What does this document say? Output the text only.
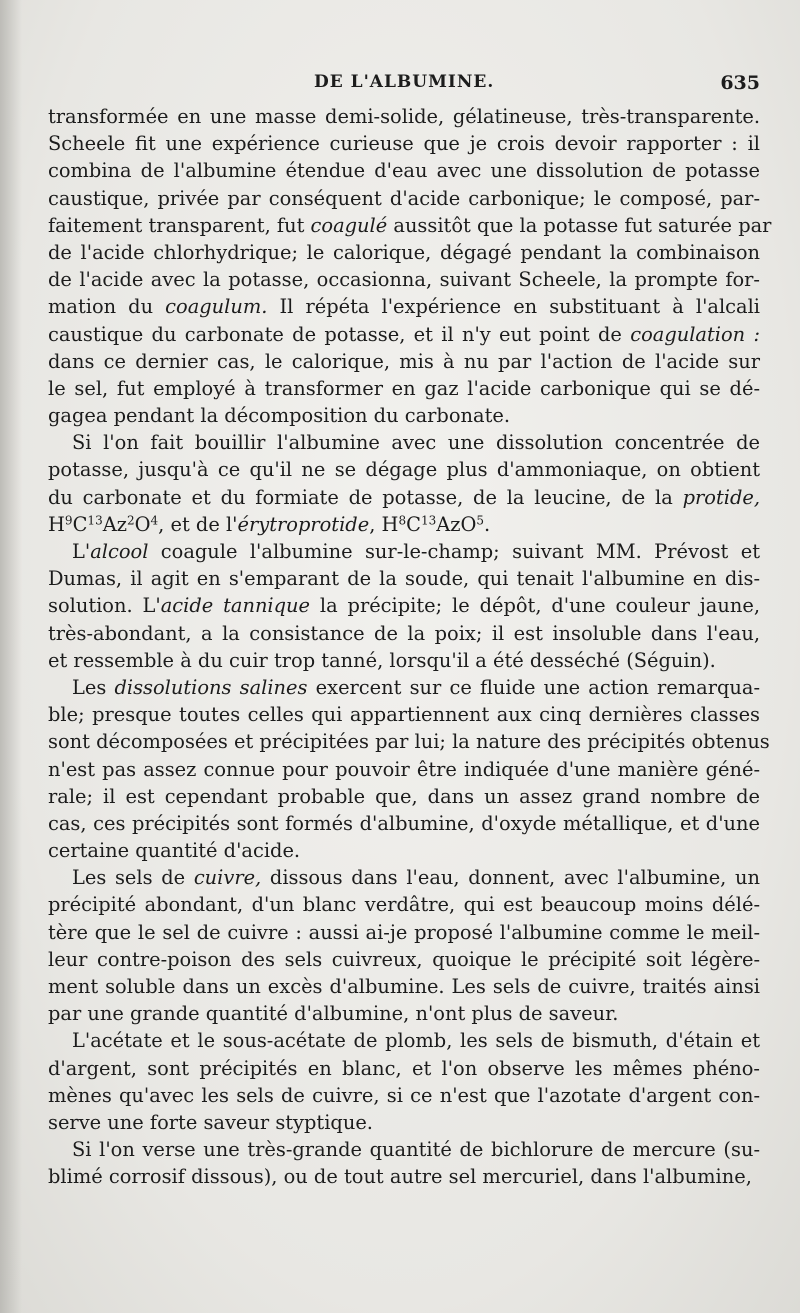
DE L'ALBUMINE.	635

transformée en une masse demi-solide, gélatineuse, très-transparente.
Scheele fit une expérience curieuse que je crois devoir rapporter : il
combina de l'albumine étendue d'eau avec une dissolution de potasse
caustique, privée par conséquent d'acide carbonique; le composé, par-
faitement transparent, fut coagulé aussitôt que la potasse fut saturée par
de l'acide chlorhydrique; le calorique, dégagé pendant la combinaison
de l'acide avec la potasse, occasionna, suivant Scheele, la prompte for-
mation du coagulum. Il répéta l'expérience en substituant à l'alcali
caustique du carbonate de potasse, et il n'y eut point de coagulation :
dans ce dernier cas, le calorique, mis à nu par l'action de l'acide sur
le sel, fut employé à transformer en gaz l'acide carbonique qui se dé-
gagea pendant la décomposition du carbonate.

Si l'on fait bouillir l'albumine avec une dissolution concentrée de
potasse, jusqu'à ce qu'il ne se dégage plus d'ammoniaque, on obtient
du carbonate et du formiate de potasse, de la leucine, de la protide,
$H^9C^{13}Az^2O^4$, et de l'érytroprotide, $H^8C^{13}AzO^5$.

L'alcool coagule l'albumine sur-le-champ; suivant MM. Prévost et
Dumas, il agit en s'emparant de la soude, qui tenait l'albumine en dis-
solution. L'acide tannique la précipite; le dépôt, d'une couleur jaune,
très-abondant, a la consistance de la poix; il est insoluble dans l'eau,
et ressemble à du cuir trop tanné, lorsqu'il a été desséché (Séguin).

Les dissolutions salines exercent sur ce fluide une action remarqua-
ble; presque toutes celles qui appartiennent aux cinq dernières classes
sont décomposées et précipitées par lui; la nature des précipités obtenus
n'est pas assez connue pour pouvoir être indiquée d'une manière géné-
rale; il est cependant probable que, dans un assez grand nombre de
cas, ces précipités sont formés d'albumine, d'oxyde métallique, et d'une
certaine quantité d'acide.

Les sels de cuivre, dissous dans l'eau, donnent, avec l'albumine, un
précipité abondant, d'un blanc verdâtre, qui est beaucoup moins délé-
tère que le sel de cuivre : aussi ai-je proposé l'albumine comme le meil-
leur contre-poison des sels cuivreux, quoique le précipité soit légère-
ment soluble dans un excès d'albumine. Les sels de cuivre, traités ainsi
par une grande quantité d'albumine, n'ont plus de saveur.

L'acétate et le sous-acétate de plomb, les sels de bismuth, d'étain et
d'argent, sont précipités en blanc, et l'on observe les mêmes phéno-
mènes qu'avec les sels de cuivre, si ce n'est que l'azotate d'argent con-
serve une forte saveur styptique.

Si l'on verse une très-grande quantité de bichlorure de mercure (su-
blimé corrosif dissous), ou de tout autre sel mercuriel, dans l'albumine,
